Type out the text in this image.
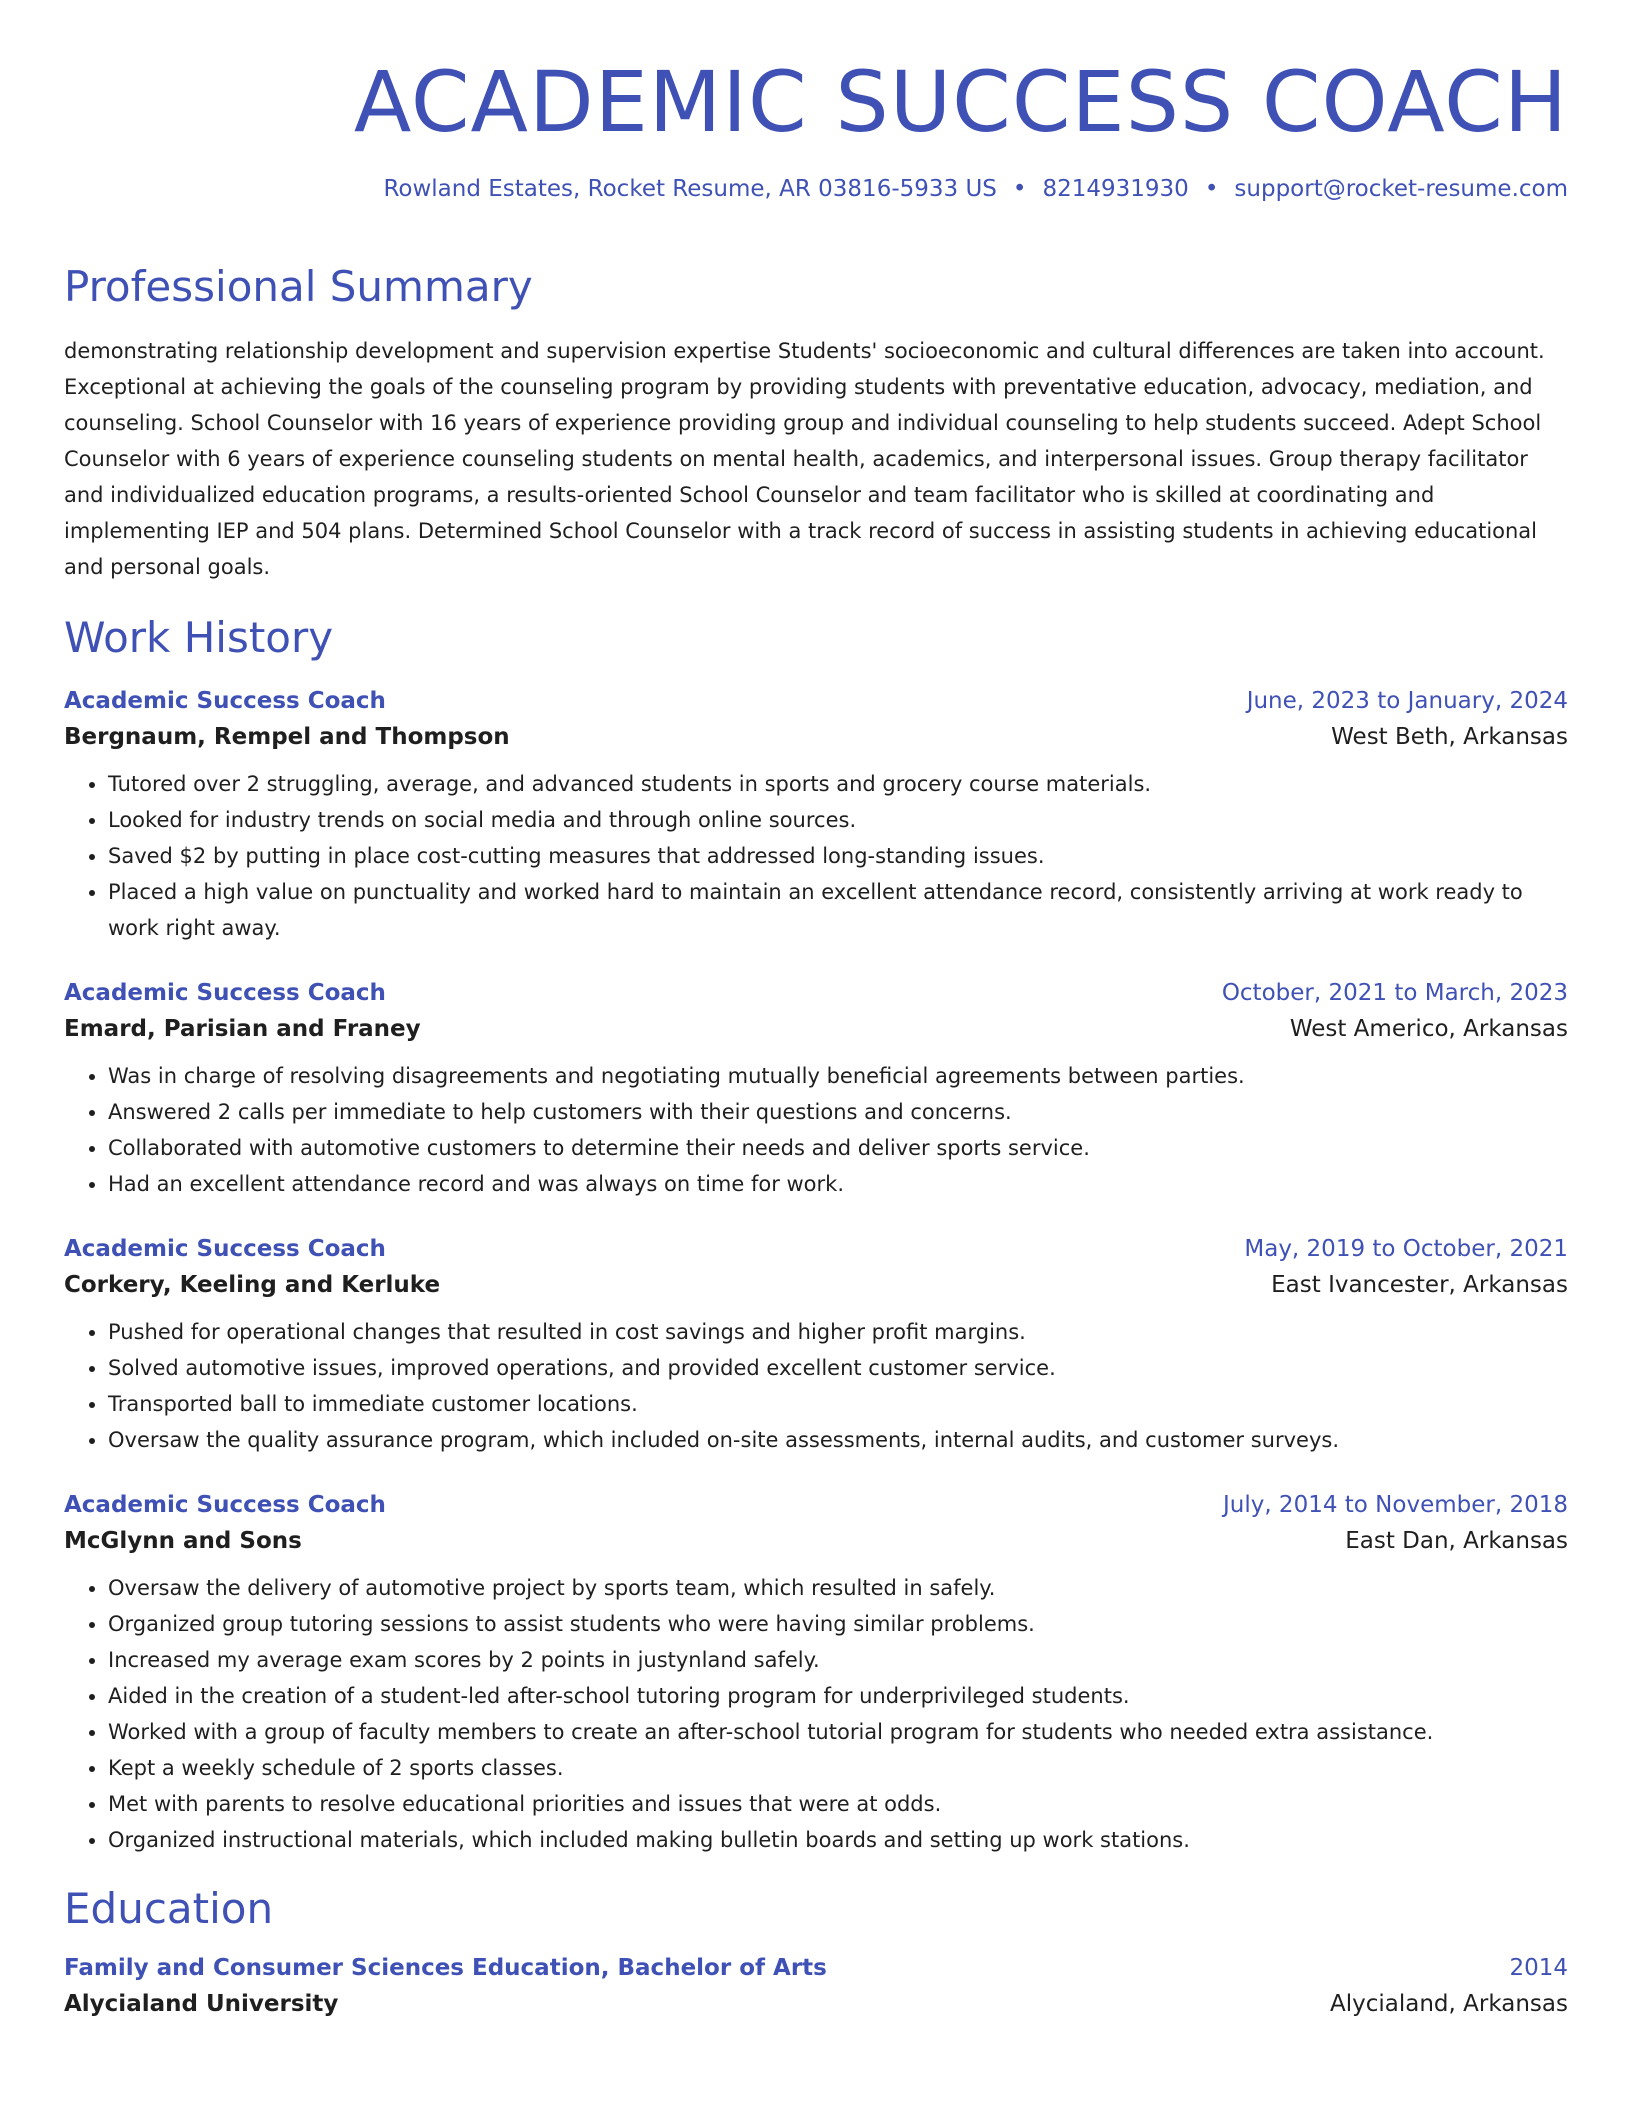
ACADEMIC SUCCESS COACH
Rowland Estates, Rocket Resume, AR 03816-5933 US • 8214931930 • support@rocket-resume.com
Professional Summary
demonstrating relationship development and supervision expertise Students' socioeconomic and cultural differences are taken into account. Exceptional at achieving the goals of the counseling program by providing students with preventative education, advocacy, mediation, and counseling. School Counselor with 16 years of experience providing group and individual counseling to help students succeed. Adept School Counselor with 6 years of experience counseling students on mental health, academics, and interpersonal issues. Group therapy facilitator and individualized education programs, a results-oriented School Counselor and team facilitator who is skilled at coordinating and implementing IEP and 504 plans. Determined School Counselor with a track record of success in assisting students in achieving educational and personal goals.
Work History
Academic Success Coach	June, 2023 to January, 2024
Bergnaum, Rempel and Thompson	West Beth, Arkansas
• Tutored over 2 struggling, average, and advanced students in sports and grocery course materials.
• Looked for industry trends on social media and through online sources.
• Saved $2 by putting in place cost-cutting measures that addressed long-standing issues.
• Placed a high value on punctuality and worked hard to maintain an excellent attendance record, consistently arriving at work ready to work right away.
Academic Success Coach	October, 2021 to March, 2023
Emard, Parisian and Franey	West Americo, Arkansas
• Was in charge of resolving disagreements and negotiating mutually beneficial agreements between parties.
• Answered 2 calls per immediate to help customers with their questions and concerns.
• Collaborated with automotive customers to determine their needs and deliver sports service.
• Had an excellent attendance record and was always on time for work.
Academic Success Coach	May, 2019 to October, 2021
Corkery, Keeling and Kerluke	East Ivancester, Arkansas
• Pushed for operational changes that resulted in cost savings and higher profit margins.
• Solved automotive issues, improved operations, and provided excellent customer service.
• Transported ball to immediate customer locations.
• Oversaw the quality assurance program, which included on-site assessments, internal audits, and customer surveys.
Academic Success Coach	July, 2014 to November, 2018
McGlynn and Sons	East Dan, Arkansas
• Oversaw the delivery of automotive project by sports team, which resulted in safely.
• Organized group tutoring sessions to assist students who were having similar problems.
• Increased my average exam scores by 2 points in justynland safely.
• Aided in the creation of a student-led after-school tutoring program for underprivileged students.
• Worked with a group of faculty members to create an after-school tutorial program for students who needed extra assistance.
• Kept a weekly schedule of 2 sports classes.
• Met with parents to resolve educational priorities and issues that were at odds.
• Organized instructional materials, which included making bulletin boards and setting up work stations.
Education
Family and Consumer Sciences Education, Bachelor of Arts	2014
Alycialand University	Alycialand, Arkansas
